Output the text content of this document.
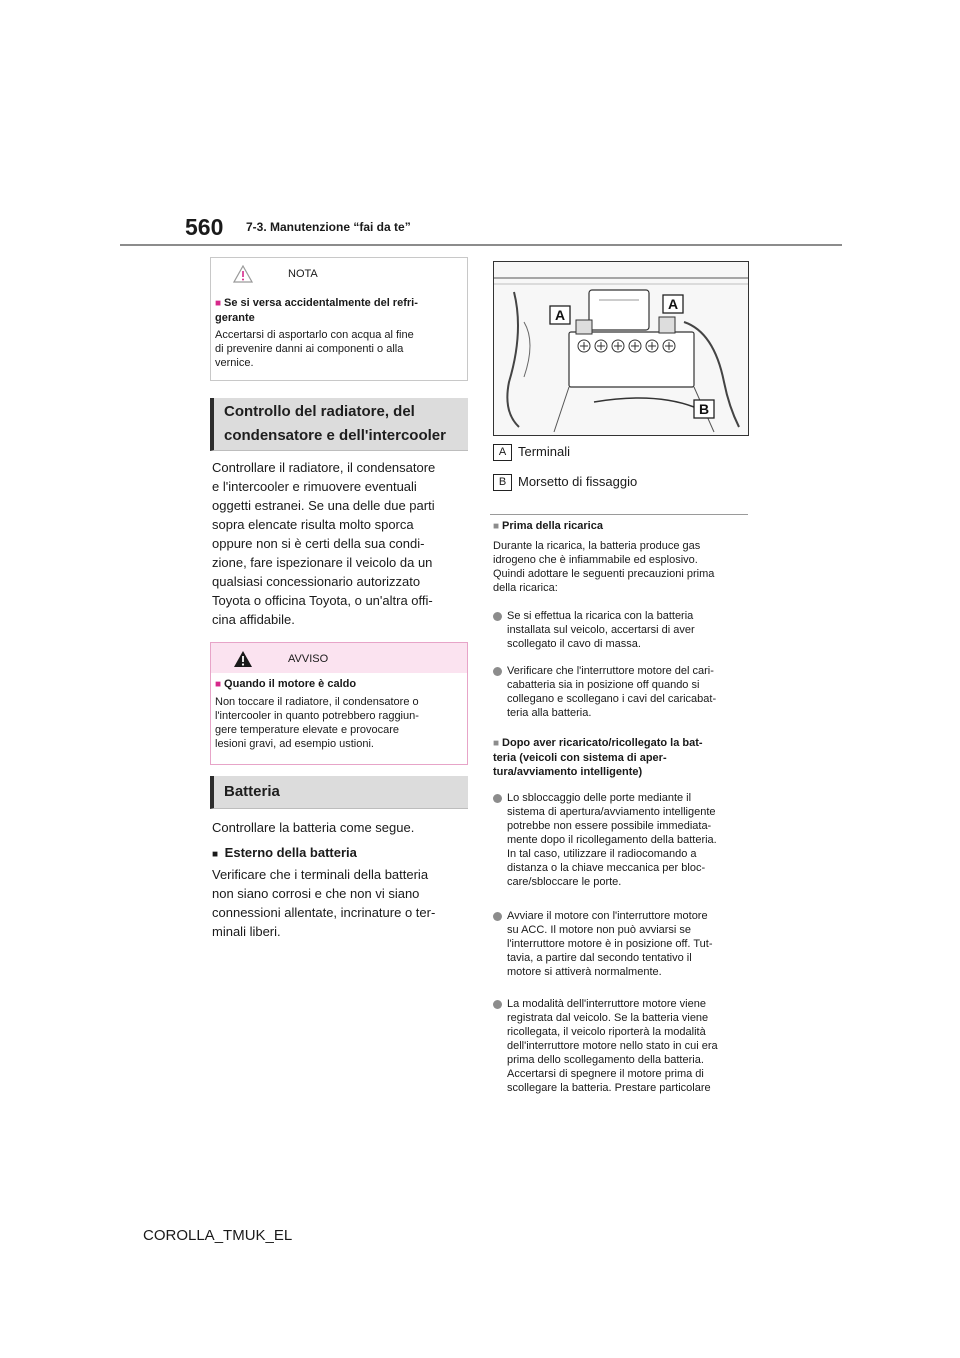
560 7-3. Manutenzione “fai da te”
NOTA
■ Se si versa accidentalmente del refri-
gerante
Accertarsi di asportarlo con acqua al fine
di prevenire danni ai componenti o alla
vernice.
Controllo del radiatore, del
condensatore e dell'intercooler
Controllare il radiatore, il condensatore
e l'intercooler e rimuovere eventuali
oggetti estranei. Se una delle due parti
sopra elencate risulta molto sporca
oppure non si è certi della sua condi-
zione, fare ispezionare il veicolo da un
qualsiasi concessionario autorizzato
Toyota o officina Toyota, o un'altra offi-
cina affidabile.
AVVISO
■ Quando il motore è caldo
Non toccare il radiatore, il condensatore o
l'intercooler in quanto potrebbero raggiun-
gere temperature elevate e provocare
lesioni gravi, ad esempio ustioni.
Batteria
Controllare la batteria come segue.
■ Esterno della batteria
Verificare che i terminali della batteria
non siano corrosi e che non vi siano
connessioni allentate, incrinature o ter-
minali liberi.
A
A
B
A Terminali
B Morsetto di fissaggio
■ Prima della ricarica
Durante la ricarica, la batteria produce gas
idrogeno che è infiammabile ed esplosivo.
Quindi adottare le seguenti precauzioni prima
della ricarica:
Se si effettua la ricarica con la batteria
installata sul veicolo, accertarsi di aver
scollegato il cavo di massa.
Verificare che l'interruttore motore del cari-
cabatteria sia in posizione off quando si
collegano e scollegano i cavi del caricabat-
teria alla batteria.
■ Dopo aver ricaricato/ricollegato la bat-
teria (veicoli con sistema di aper-
tura/avviamento intelligente)
Lo sbloccaggio delle porte mediante il
sistema di apertura/avviamento intelligente
potrebbe non essere possibile immediata-
mente dopo il ricollegamento della batteria.
In tal caso, utilizzare il radiocomando a
distanza o la chiave meccanica per bloc-
care/sbloccare le porte.
Avviare il motore con l'interruttore motore
su ACC. Il motore non può avviarsi se
l'interruttore motore è in posizione off. Tut-
tavia, a partire dal secondo tentativo il
motore si attiverà normalmente.
La modalità dell'interruttore motore viene
registrata dal veicolo. Se la batteria viene
ricollegata, il veicolo riporterà la modalità
dell'interruttore motore nello stato in cui era
prima dello scollegamento della batteria.
Accertarsi di spegnere il motore prima di
scollegare la batteria. Prestare particolare
COROLLA_TMUK_EL
